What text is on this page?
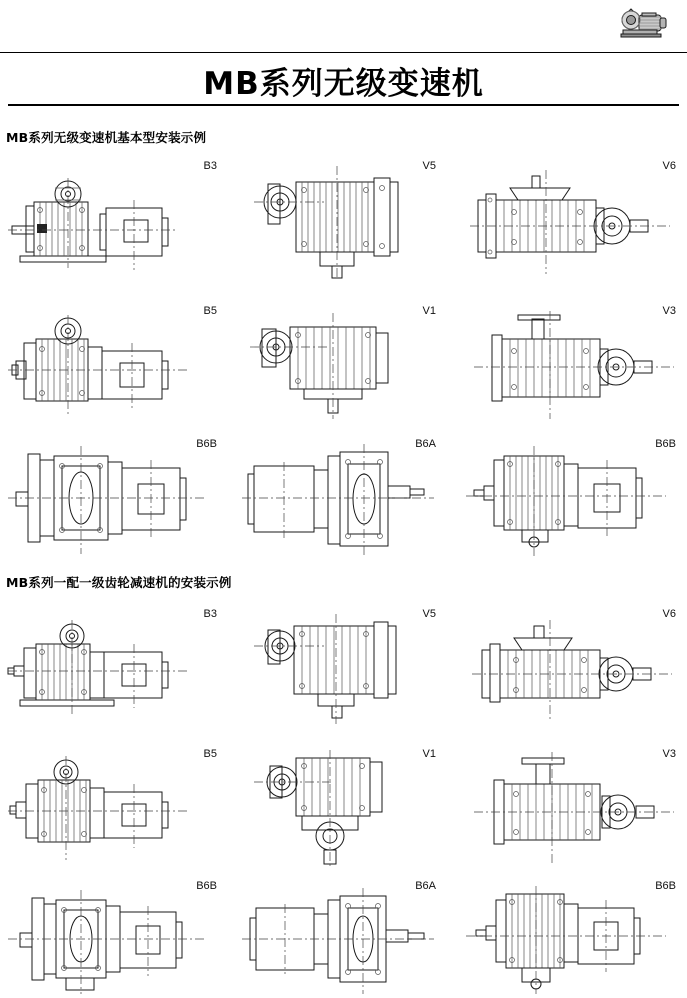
MB系列无级变速机
MB系列无级变速机基本型安装示例
B3	V5	V6
B5	V1	V3
B6B	B6A	B6B
MB系列一配一级齿轮减速机的安装示例
B3	V5	V6
B5	V1	V3
B6B	B6A	B6B
